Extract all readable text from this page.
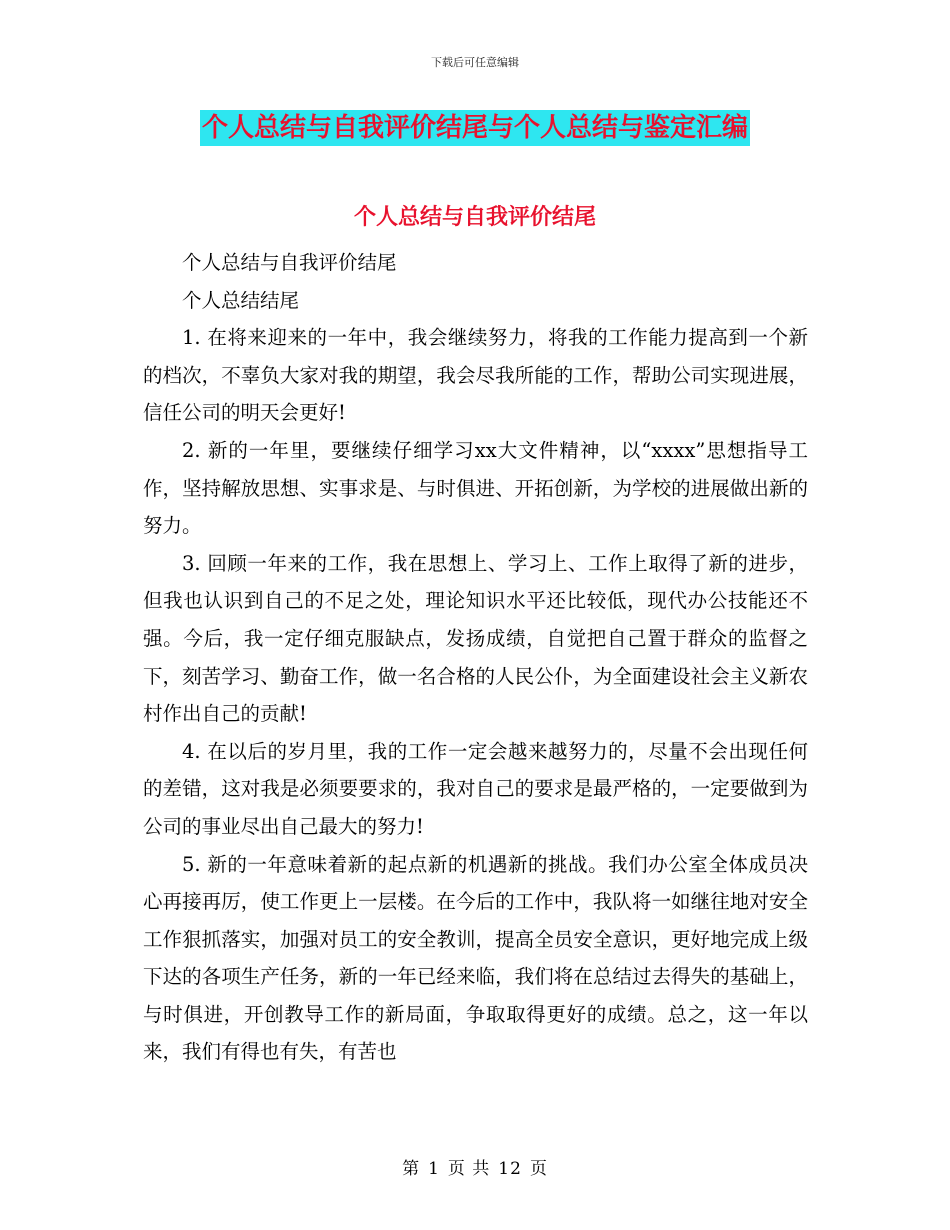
下载后可任意编辑
个人总结与自我评价结尾与个人总结与鉴定汇编
个人总结与自我评价结尾

个人总结与自我评价结尾

个人总结结尾

1. 在将来迎来的一年中，我会继续努力，将我的工作能力提高到一个新的档次，不辜负大家对我的期望，我会尽我所能的工作，帮助公司实现进展，信任公司的明天会更好!

2. 新的一年里，要继续仔细学习xx大文件精神，以“xxxx”思想指导工作，坚持解放思想、实事求是、与时俱进、开拓创新，为学校的进展做出新的努力。

3. 回顾一年来的工作，我在思想上、学习上、工作上取得了新的进步，但我也认识到自己的不足之处，理论知识水平还比较低，现代办公技能还不强。今后，我一定仔细克服缺点，发扬成绩，自觉把自己置于群众的监督之下，刻苦学习、勤奋工作，做一名合格的人民公仆，为全面建设社会主义新农村作出自己的贡献!

4. 在以后的岁月里，我的工作一定会越来越努力的，尽量不会出现任何的差错，这对我是必须要要求的，我对自己的要求是最严格的，一定要做到为公司的事业尽出自己最大的努力!

5. 新的一年意味着新的起点新的机遇新的挑战。我们办公室全体成员决心再接再厉，使工作更上一层楼。在今后的工作中，我队将一如继往地对安全工作狠抓落实，加强对员工的安全教训，提高全员安全意识，更好地完成上级下达的各项生产任务，新的一年已经来临，我们将在总结过去得失的基础上，与时俱进，开创教导工作的新局面，争取取得更好的成绩。总之，这一年以来，我们有得也有失，有苦也

第 1 页 共 12 页
